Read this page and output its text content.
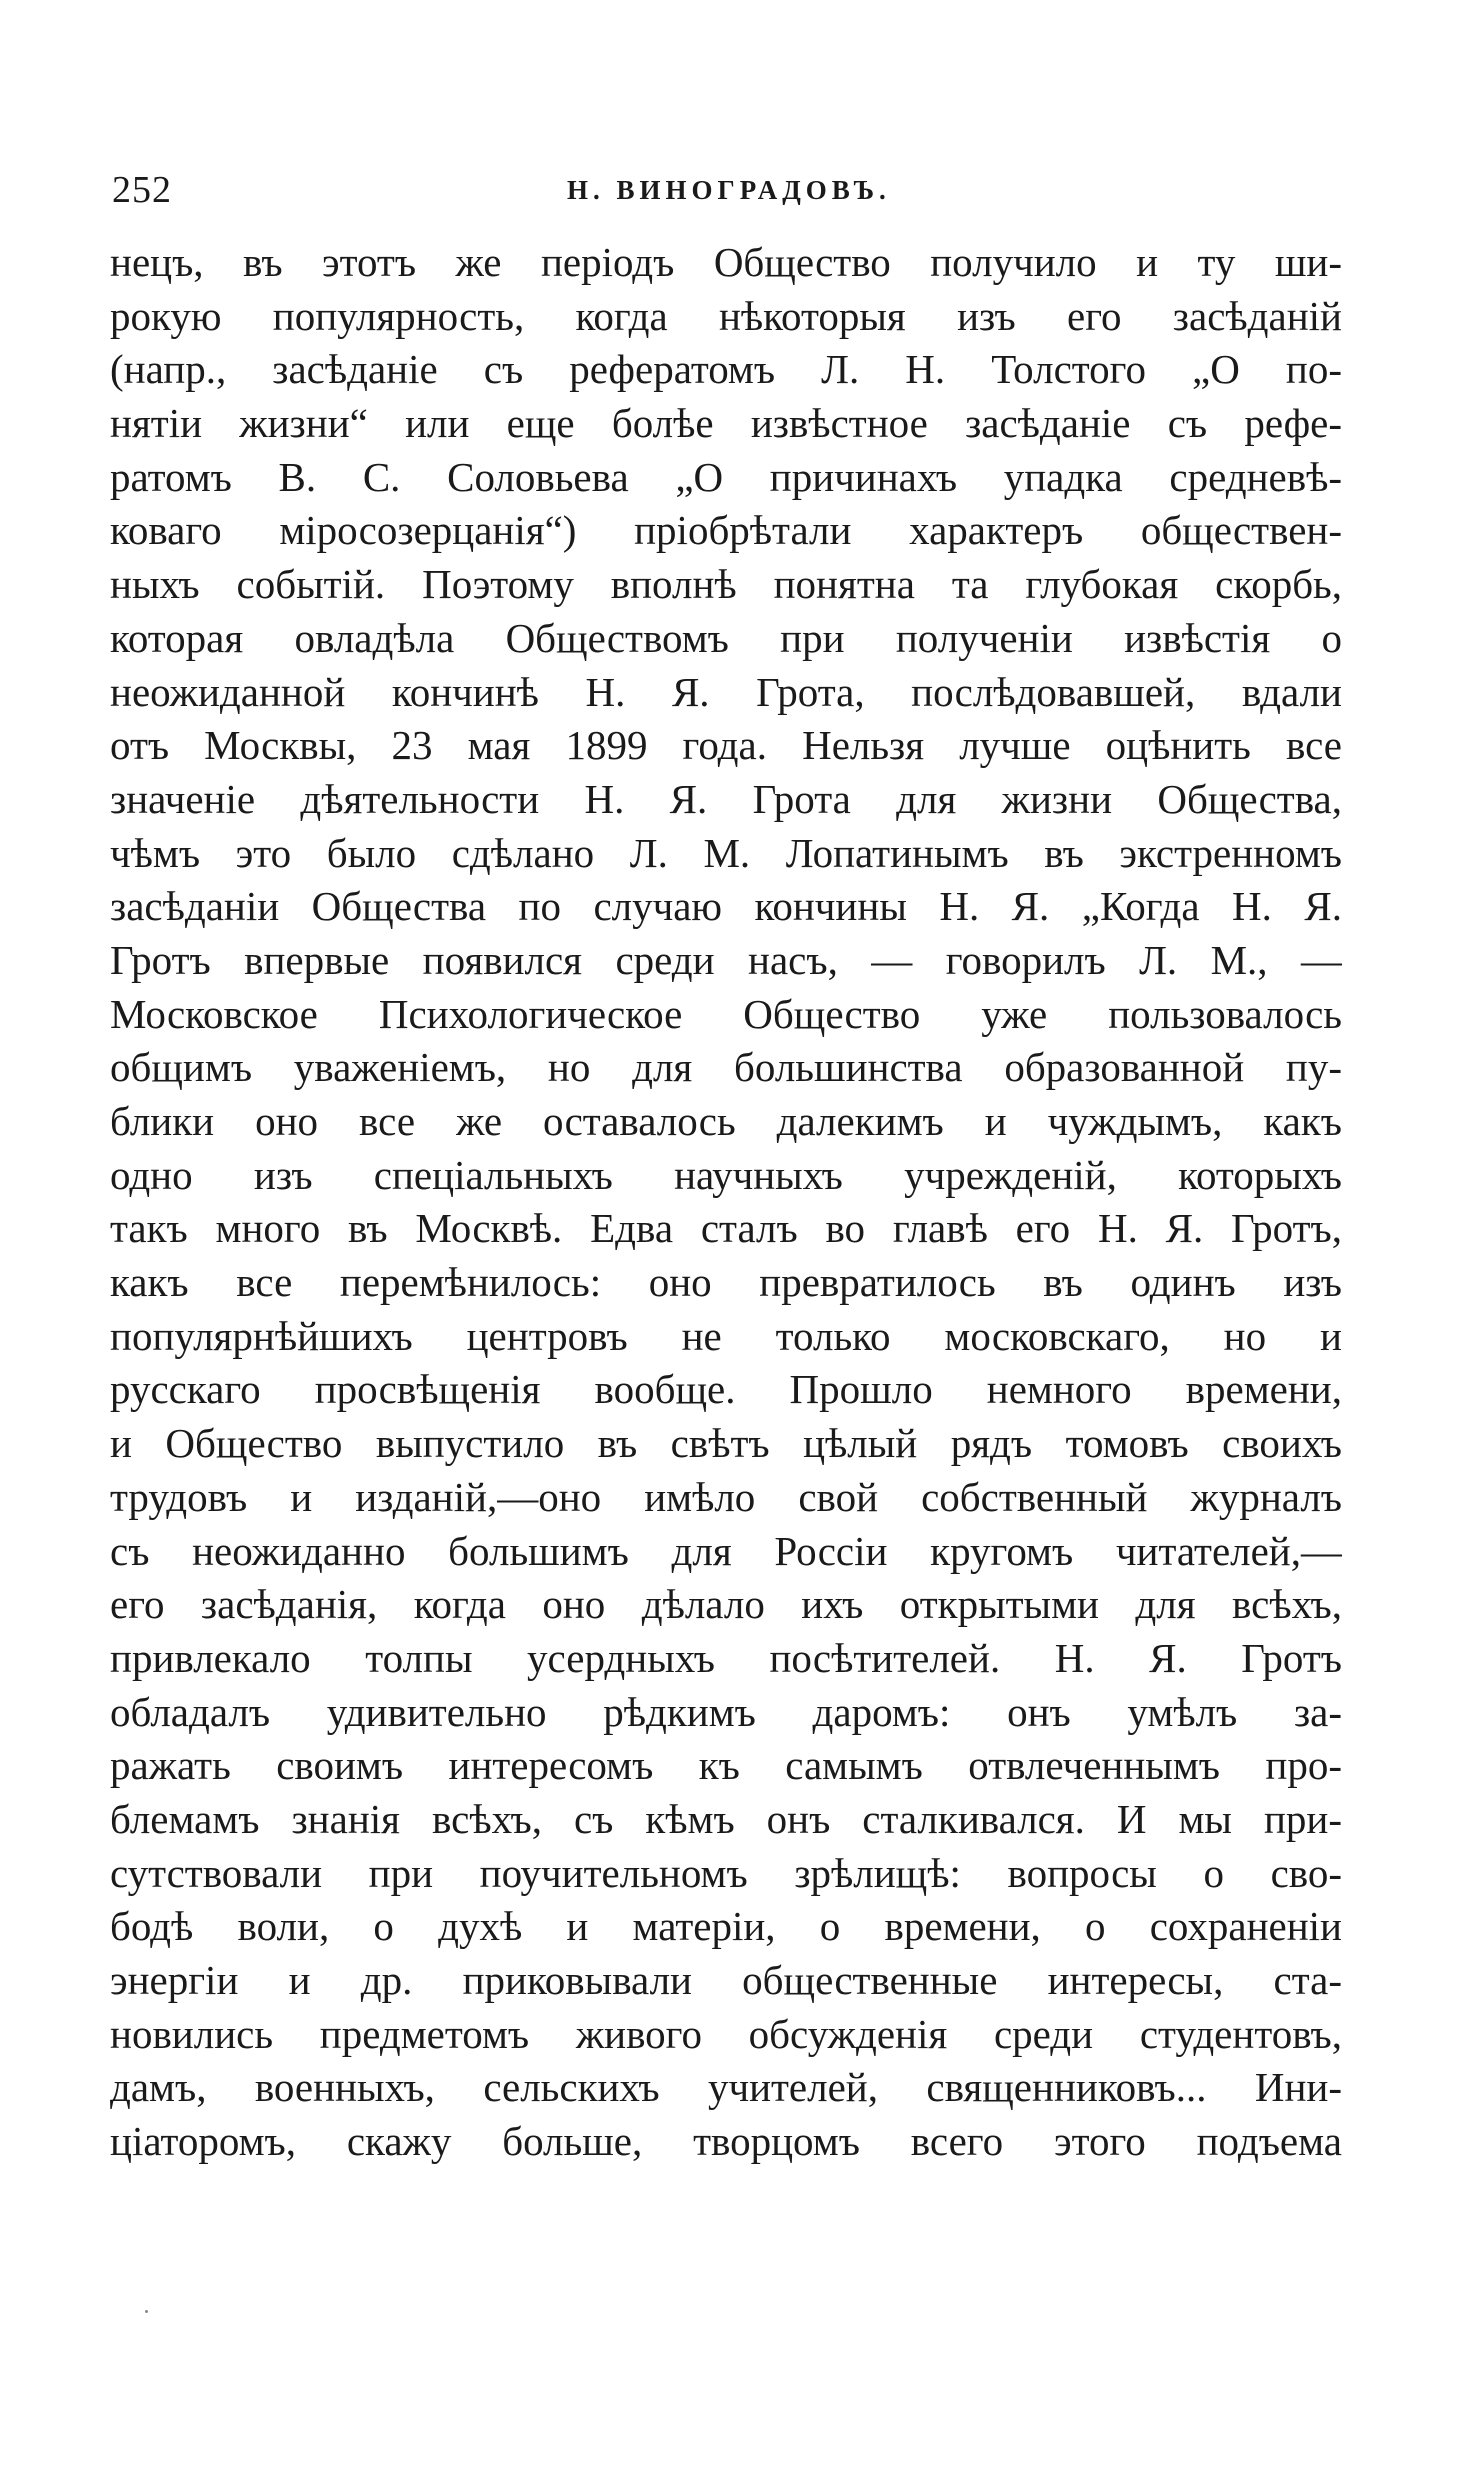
252	Н. ВИНОГРАДОВЪ.
нецъ, въ этотъ же періодъ Общество получило и ту ши-
рокую популярность, когда нѣкоторыя изъ его засѣданій
(напр., засѣданіе съ рефератомъ Л. Н. Толстого „О по-
нятіи жизни“ или еще болѣе извѣстное засѣданіе съ рефе-
ратомъ В. С. Соловьева „О причинахъ упадка средневѣ-
коваго міросозерцанія“) пріобрѣтали характеръ обществен-
ныхъ событій. Поэтому вполнѣ понятна та глубокая скорбь,
которая овладѣла Обществомъ при полученіи извѣстія о
неожиданной кончинѣ Н. Я. Грота, послѣдовавшей, вдали
отъ Москвы, 23 мая 1899 года. Нельзя лучше оцѣнить все
значеніе дѣятельности Н. Я. Грота для жизни Общества,
чѣмъ это было сдѣлано Л. М. Лопатинымъ въ экстренномъ
засѣданіи Общества по случаю кончины Н. Я. „Когда Н. Я.
Гротъ впервые появился среди насъ, — говорилъ Л. М., —
Московское Психологическое Общество уже пользовалось
общимъ уваженіемъ, но для большинства образованной пу-
блики оно все же оставалось далекимъ и чуждымъ, какъ
одно изъ спеціальныхъ научныхъ учрежденій, которыхъ
такъ много въ Москвѣ. Едва сталъ во главѣ его Н. Я. Гротъ,
какъ все перемѣнилось: оно превратилось въ одинъ изъ
популярнѣйшихъ центровъ не только московскаго, но и
русскаго просвѣщенія вообще. Прошло немного времени,
и Общество выпустило въ свѣтъ цѣлый рядъ томовъ своихъ
трудовъ и изданій,—оно имѣло свой собственный журналъ
съ неожиданно большимъ для Россіи кругомъ читателей,—
его засѣданія, когда оно дѣлало ихъ открытыми для всѣхъ,
привлекало толпы усердныхъ посѣтителей. Н. Я. Гротъ
обладалъ удивительно рѣдкимъ даромъ: онъ умѣлъ за-
ражать своимъ интересомъ къ самымъ отвлеченнымъ про-
блемамъ знанія всѣхъ, съ кѣмъ онъ сталкивался. И мы при-
сутствовали при поучительномъ зрѣлищѣ: вопросы о сво-
бодѣ воли, о духѣ и матеріи, о времени, о сохраненіи
энергіи и др. приковывали общественные интересы, ста-
новились предметомъ живого обсужденія среди студентовъ,
дамъ, военныхъ, сельскихъ учителей, священниковъ... Ини-
ціаторомъ, скажу больше, творцомъ всего этого подъема
